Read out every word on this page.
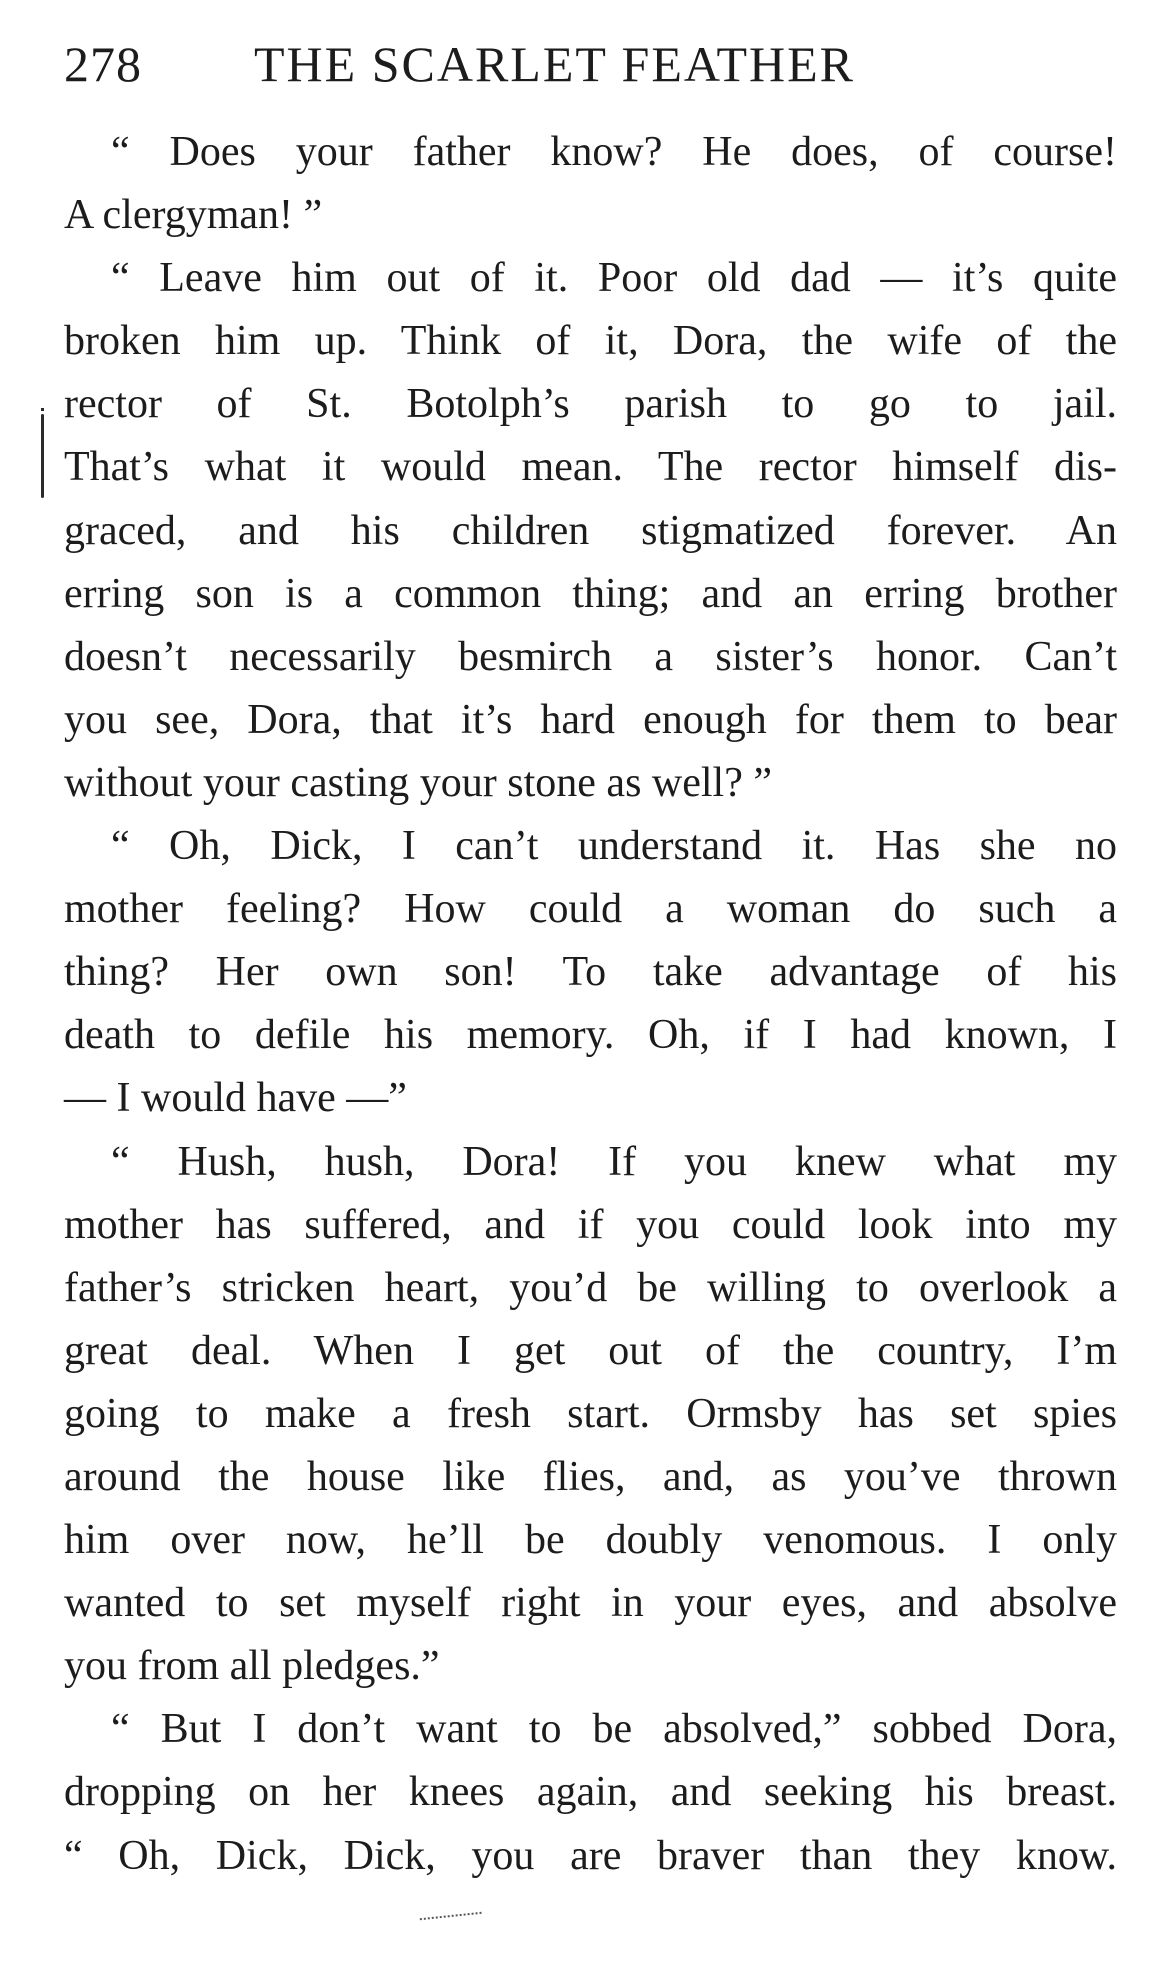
278 THE SCARLET FEATHER
“ Does your father know? He does, of course!
A clergyman! ”
“ Leave him out of it. Poor old dad — it’s quite
broken him up. Think of it, Dora, the wife of the
rector of St. Botolph’s parish to go to jail.
That’s what it would mean. The rector himself dis-
graced, and his children stigmatized forever. An
erring son is a common thing; and an erring brother
doesn’t necessarily besmirch a sister’s honor. Can’t
you see, Dora, that it’s hard enough for them to bear
without your casting your stone as well? ”
“ Oh, Dick, I can’t understand it. Has she no
mother feeling? How could a woman do such a
thing? Her own son! To take advantage of his
death to defile his memory. Oh, if I had known, I
— I would have —”
“ Hush, hush, Dora! If you knew what my
mother has suffered, and if you could look into my
father’s stricken heart, you’d be willing to overlook a
great deal. When I get out of the country, I’m
going to make a fresh start. Ormsby has set spies
around the house like flies, and, as you’ve thrown
him over now, he’ll be doubly venomous. I only
wanted to set myself right in your eyes, and absolve
you from all pledges.”
“ But I don’t want to be absolved,” sobbed Dora,
dropping on her knees again, and seeking his breast.
“ Oh, Dick, Dick, you are braver than they know.
